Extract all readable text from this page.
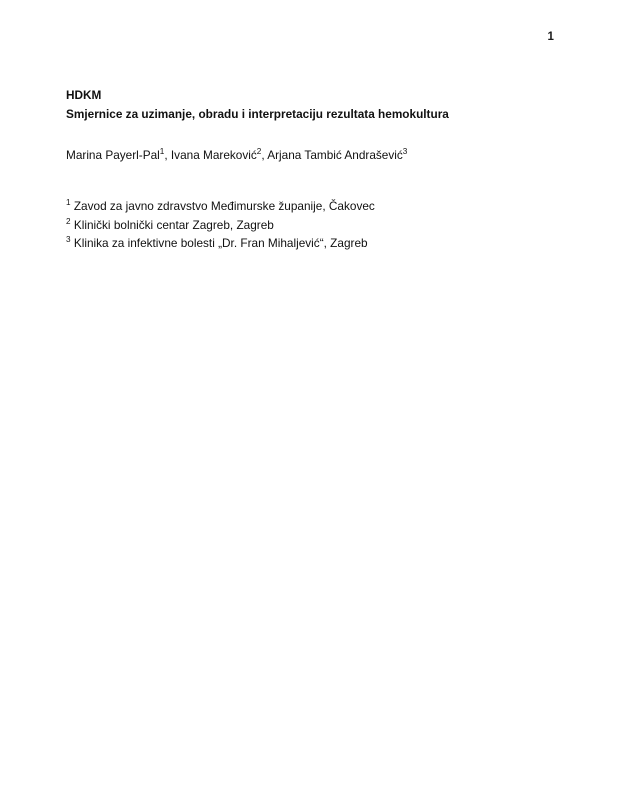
1
HDKM
Smjernice za uzimanje, obradu i interpretaciju rezultata hemokultura
Marina Payerl-Pal$^1$, Ivana Mareković$^2$, Arjana Tambić Andrašević$^3$
$^1$ Zavod za javno zdravstvo Međimurske županije, Čakovec
$^2$ Klinički bolnički centar Zagreb, Zagreb
$^3$ Klinika za infektivne bolesti „Dr. Fran Mihaljević“, Zagreb
